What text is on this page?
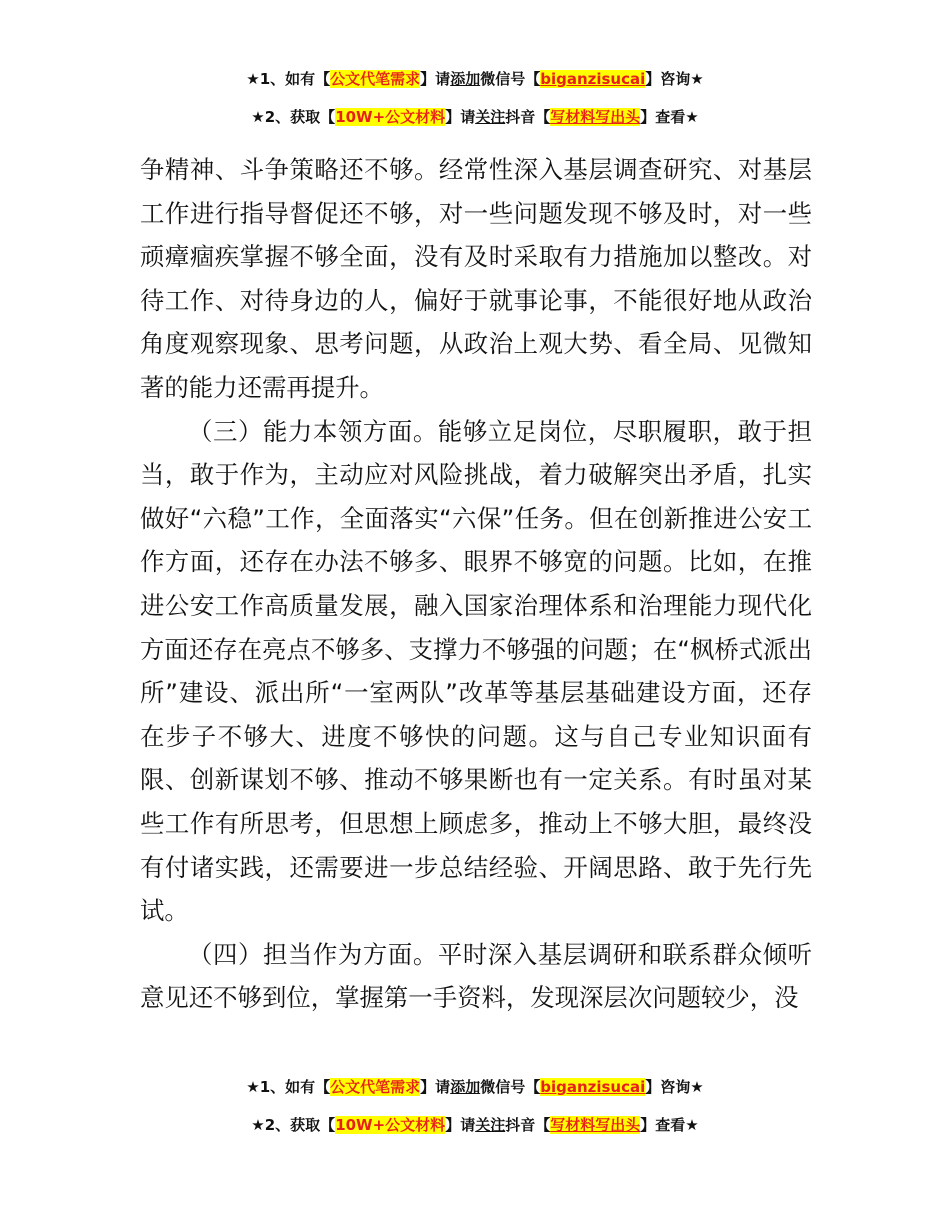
★1、如有【公文代笔需求】请添加微信号【biganzisucai】咨询★
★2、获取【10W+公文材料】请关注抖音【写材料写出头】查看★

争精神、斗争策略还不够。经常性深入基层调查研究、对基层工作进行指导督促还不够，对一些问题发现不够及时，对一些顽瘴痼疾掌握不够全面，没有及时采取有力措施加以整改。对待工作、对待身边的人，偏好于就事论事，不能很好地从政治角度观察现象、思考问题，从政治上观大势、看全局、见微知著的能力还需再提升。

（三）能力本领方面。能够立足岗位，尽职履职，敢于担当，敢于作为，主动应对风险挑战，着力破解突出矛盾，扎实做好“六稳”工作，全面落实“六保”任务。但在创新推进公安工作方面，还存在办法不够多、眼界不够宽的问题。比如，在推进公安工作高质量发展，融入国家治理体系和治理能力现代化方面还存在亮点不够多、支撑力不够强的问题；在“枫桥式派出所”建设、派出所“一室两队”改革等基层基础建设方面，还存在步子不够大、进度不够快的问题。这与自己专业知识面有限、创新谋划不够、推动不够果断也有一定关系。有时虽对某些工作有所思考，但思想上顾虑多，推动上不够大胆，最终没有付诸实践，还需要进一步总结经验、开阔思路、敢于先行先试。

（四）担当作为方面。平时深入基层调研和联系群众倾听意见还不够到位，掌握第一手资料，发现深层次问题较少，没

★1、如有【公文代笔需求】请添加微信号【biganzisucai】咨询★
★2、获取【10W+公文材料】请关注抖音【写材料写出头】查看★
